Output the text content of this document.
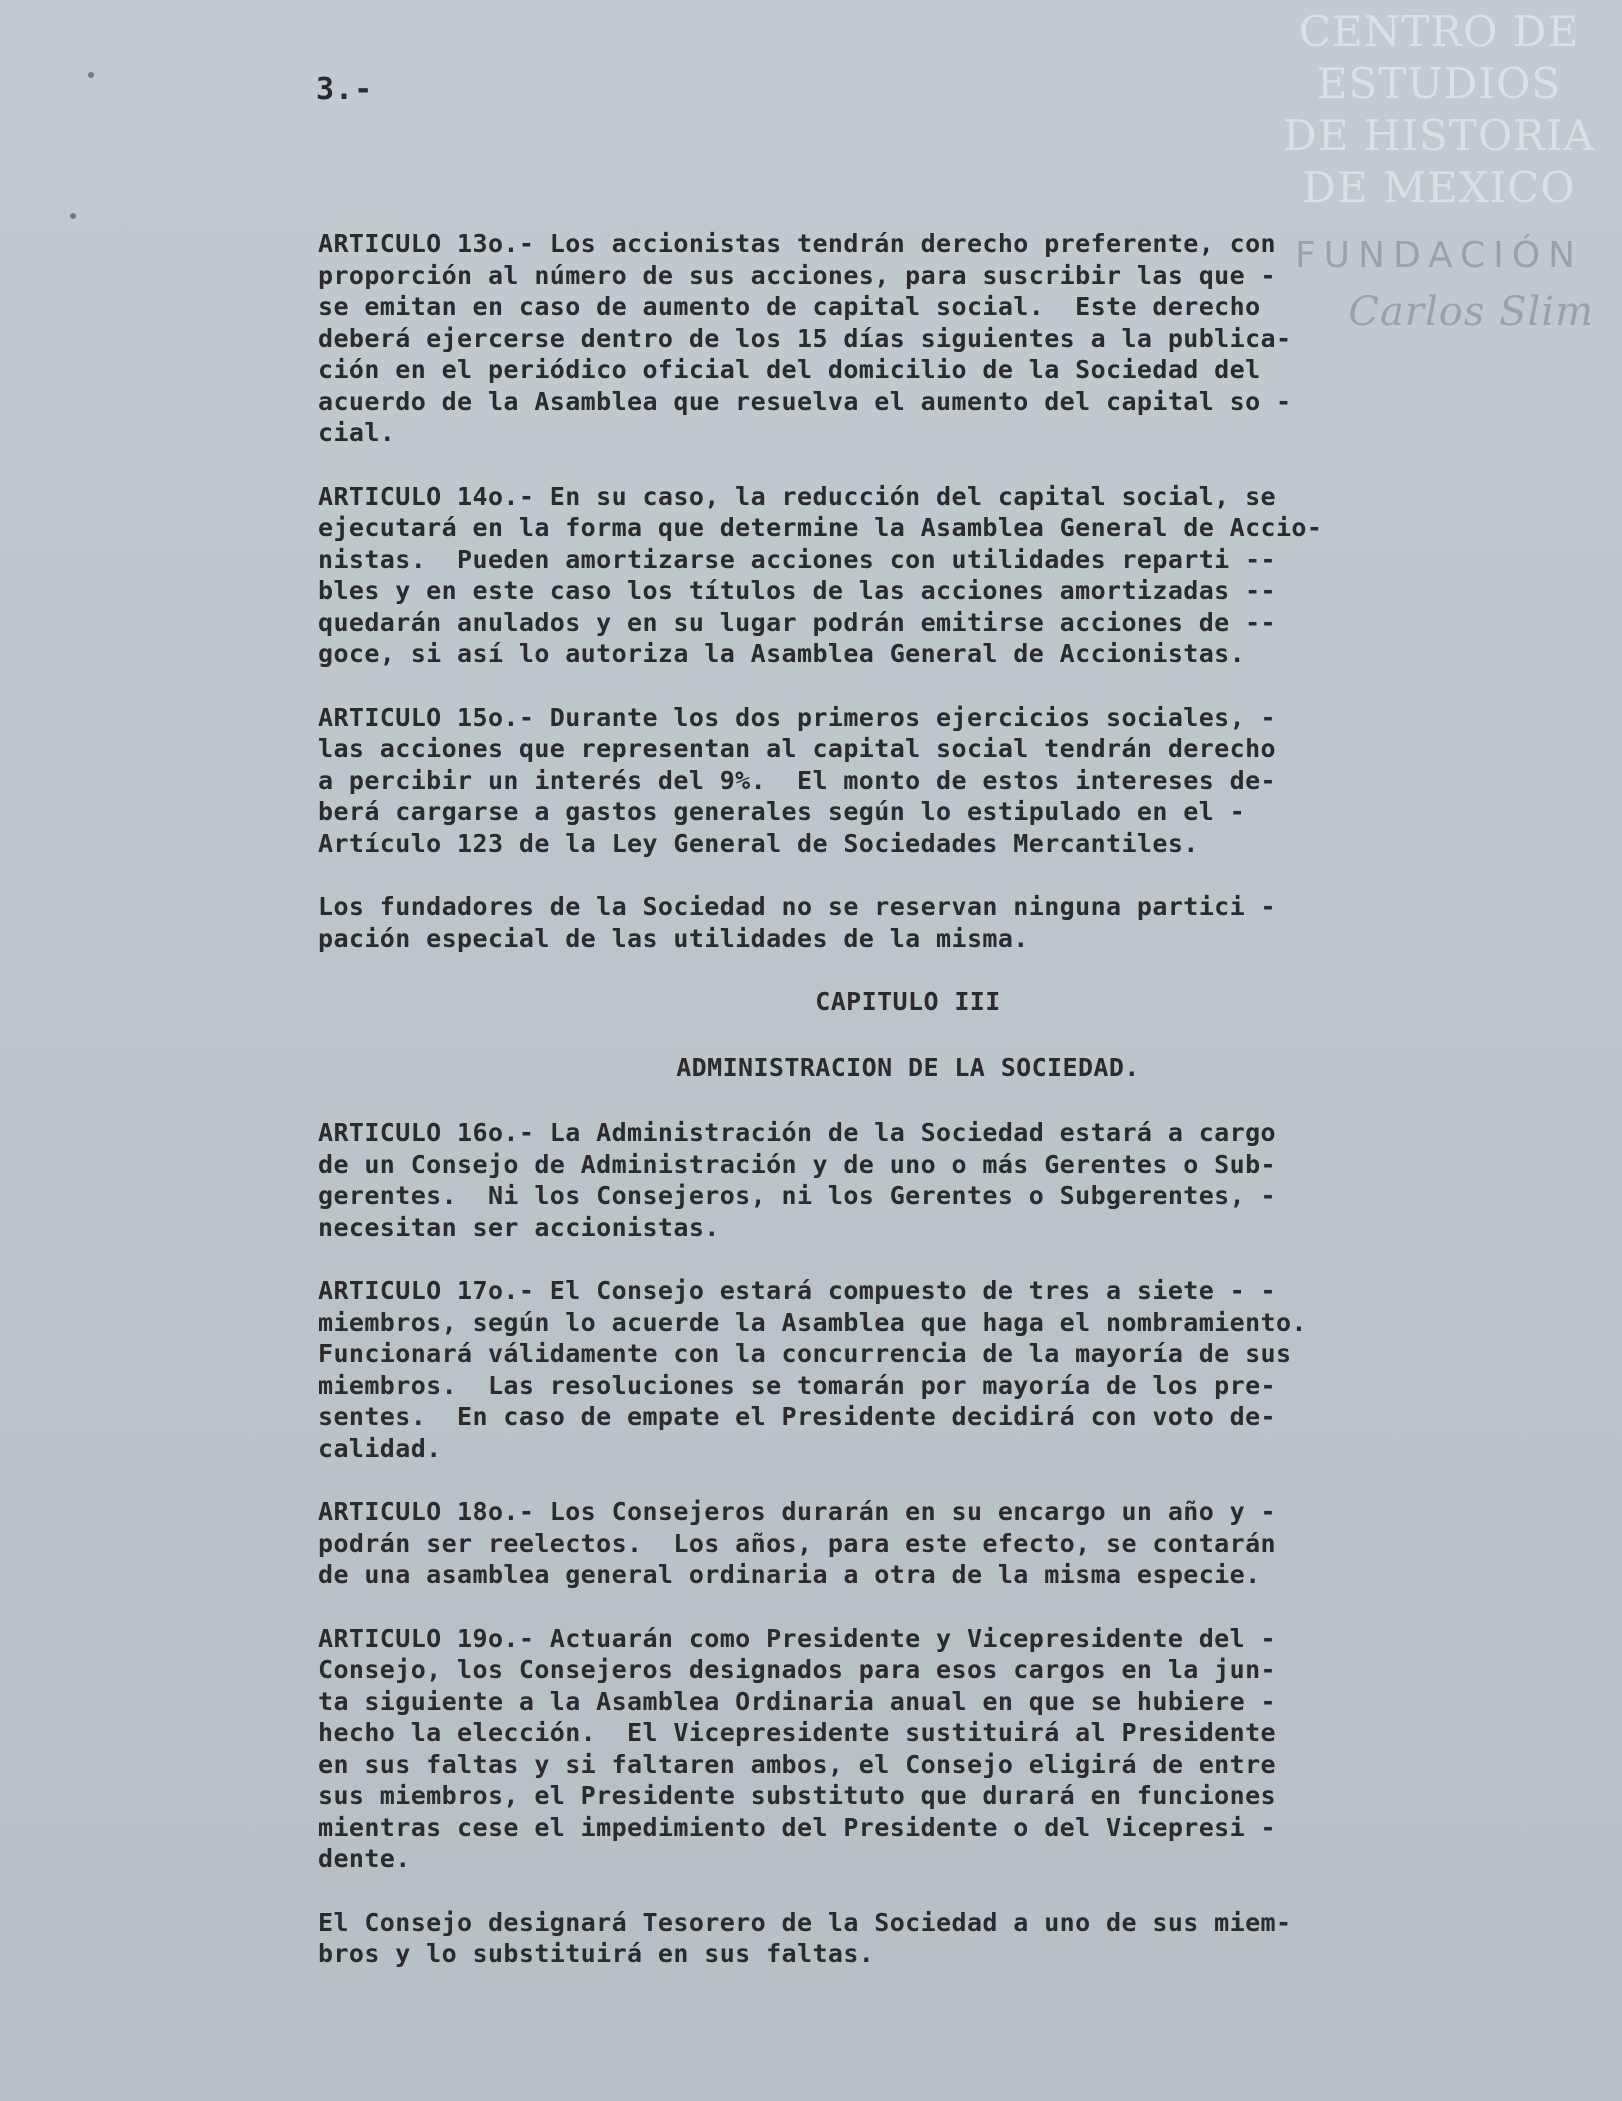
3.-
CENTRO DE
ESTUDIOS
DE HISTORIA
DE MEXICO
FUNDACIÓN
Carlos Slim
ARTICULO 13o.- Los accionistas tendrán derecho preferente, con
proporción al número de sus acciones, para suscribir las que -
se emitan en caso de aumento de capital social.  Este derecho
deberá ejercerse dentro de los 15 días siguientes a la publica-
ción en el periódico oficial del domicilio de la Sociedad del
acuerdo de la Asamblea que resuelva el aumento del capital so -
cial.
ARTICULO 14o.- En su caso, la reducción del capital social, se
ejecutará en la forma que determine la Asamblea General de Accio-
nistas.  Pueden amortizarse acciones con utilidades reparti --
bles y en este caso los títulos de las acciones amortizadas --
quedarán anulados y en su lugar podrán emitirse acciones de --
goce, si así lo autoriza la Asamblea General de Accionistas.
ARTICULO 15o.- Durante los dos primeros ejercicios sociales, -
las acciones que representan al capital social tendrán derecho
a percibir un interés del 9%.  El monto de estos intereses de-
berá cargarse a gastos generales según lo estipulado en el -
Artículo 123 de la Ley General de Sociedades Mercantiles.
Los fundadores de la Sociedad no se reservan ninguna partici -
pación especial de las utilidades de la misma.
CAPITULO III
ADMINISTRACION DE LA SOCIEDAD.
ARTICULO 16o.- La Administración de la Sociedad estará a cargo
de un Consejo de Administración y de uno o más Gerentes o Sub-
gerentes.  Ni los Consejeros, ni los Gerentes o Subgerentes, -
necesitan ser accionistas.
ARTICULO 17o.- El Consejo estará compuesto de tres a siete - -
miembros, según lo acuerde la Asamblea que haga el nombramiento.
Funcionará válidamente con la concurrencia de la mayoría de sus
miembros.  Las resoluciones se tomarán por mayoría de los pre-
sentes.  En caso de empate el Presidente decidirá con voto de-
calidad.
ARTICULO 18o.- Los Consejeros durarán en su encargo un año y -
podrán ser reelectos.  Los años, para este efecto, se contarán
de una asamblea general ordinaria a otra de la misma especie.
ARTICULO 19o.- Actuarán como Presidente y Vicepresidente del -
Consejo, los Consejeros designados para esos cargos en la jun-
ta siguiente a la Asamblea Ordinaria anual en que se hubiere -
hecho la elección.  El Vicepresidente sustituirá al Presidente
en sus faltas y si faltaren ambos, el Consejo eligirá de entre
sus miembros, el Presidente substituto que durará en funciones
mientras cese el impedimiento del Presidente o del Vicepresi -
dente.
El Consejo designará Tesorero de la Sociedad a uno de sus miem-
bros y lo substituirá en sus faltas.
